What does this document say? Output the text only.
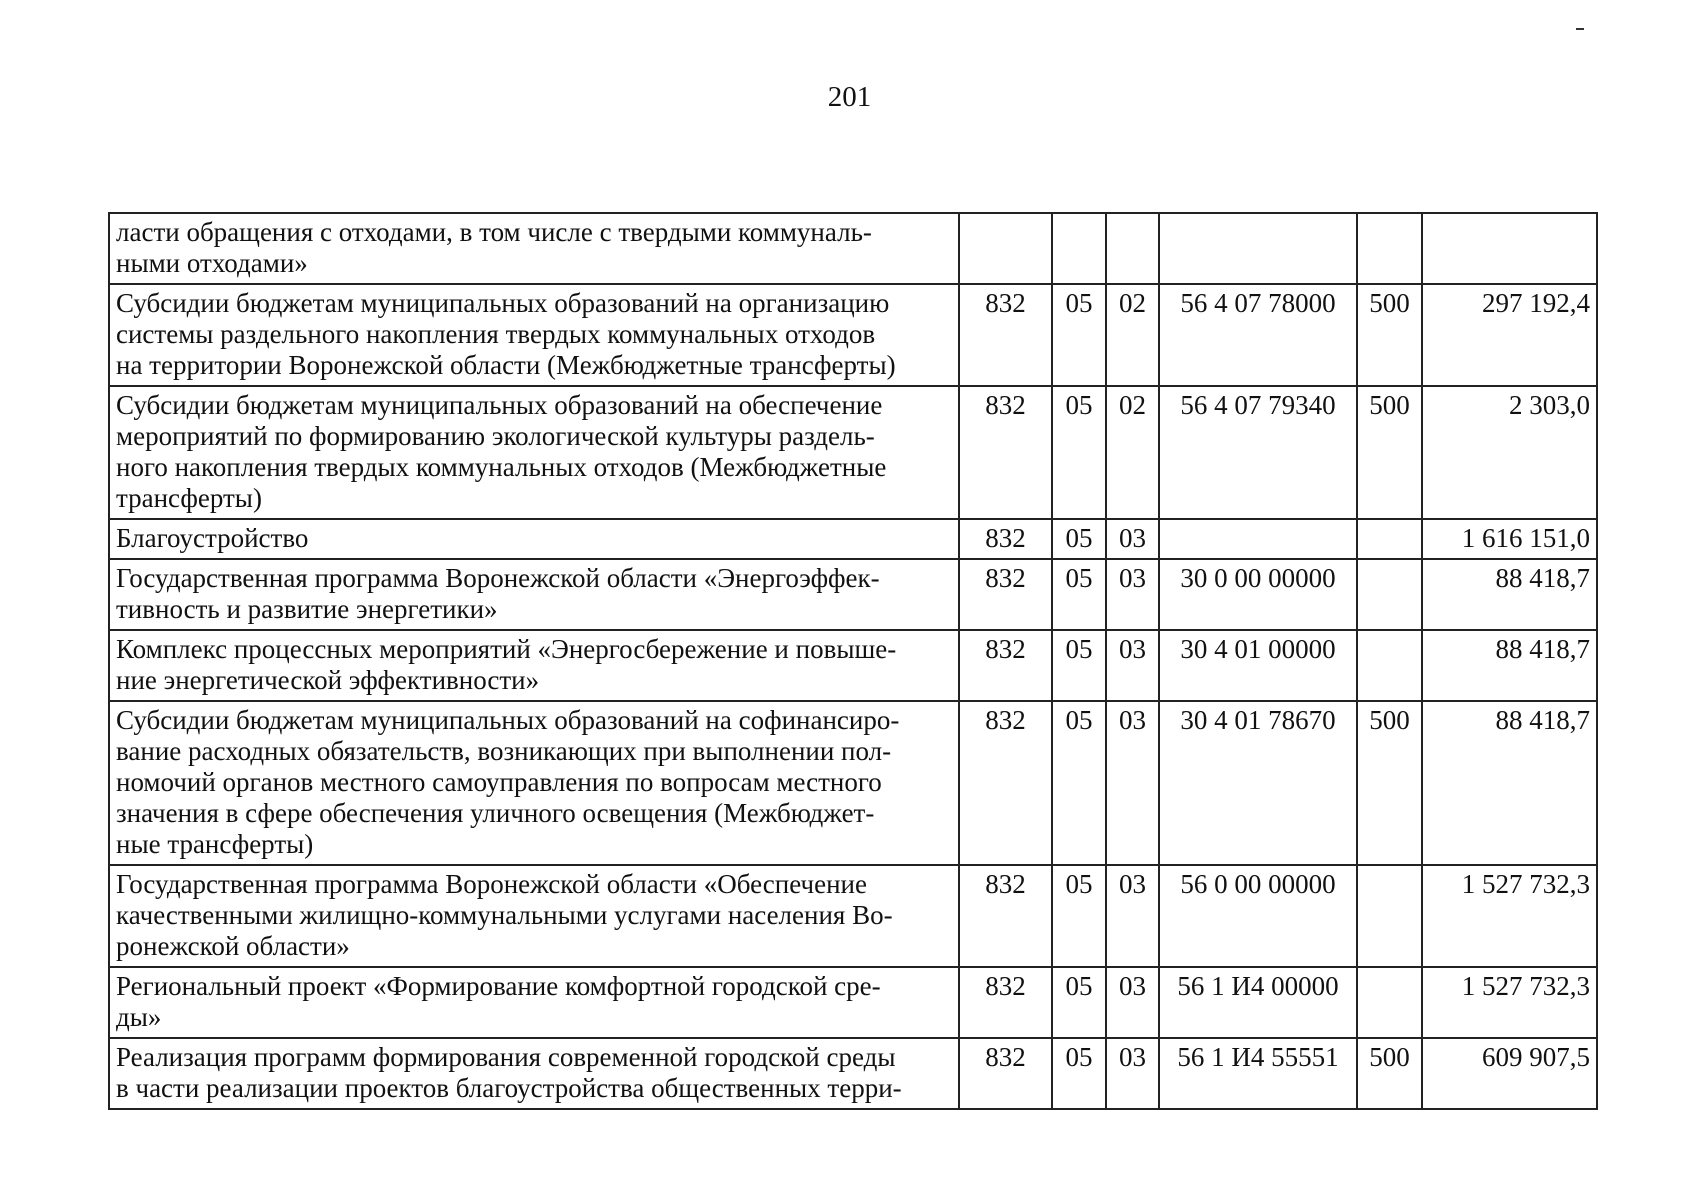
201
ласти обращения с отходами, в том числе с твердыми коммуналь-
ными отходами»						
Субсидии бюджетам муниципальных образований на организацию
системы раздельного накопления твердых коммунальных отходов
на территории Воронежской области (Межбюджетные трансферты)	832	05	02	56 4 07 78000	500	297 192,4
Субсидии бюджетам муниципальных образований на обеспечение
мероприятий по формированию экологической культуры раздель-
ного накопления твердых коммунальных отходов (Межбюджетные
трансферты)	832	05	02	56 4 07 79340	500	2 303,0
Благоустройство	832	05	03			1 616 151,0
Государственная программа Воронежской области «Энергоэффек-
тивность и развитие энергетики»	832	05	03	30 0 00 00000		88 418,7
Комплекс процессных мероприятий «Энергосбережение и повыше-
ние энергетической эффективности»	832	05	03	30 4 01 00000		88 418,7
Субсидии бюджетам муниципальных образований на софинансиро-
вание расходных обязательств, возникающих при выполнении пол-
номочий органов местного самоуправления по вопросам местного
значения в сфере обеспечения уличного освещения (Межбюджет-
ные трансферты)	832	05	03	30 4 01 78670	500	88 418,7
Государственная программа Воронежской области «Обеспечение
качественными жилищно-коммунальными услугами населения Во-
ронежской области»	832	05	03	56 0 00 00000		1 527 732,3
Региональный проект «Формирование комфортной городской сре-
ды»	832	05	03	56 1 И4 00000		1 527 732,3
Реализация программ формирования современной городской среды
в части реализации проектов благоустройства общественных терри-	832	05	03	56 1 И4 55551	500	609 907,5
